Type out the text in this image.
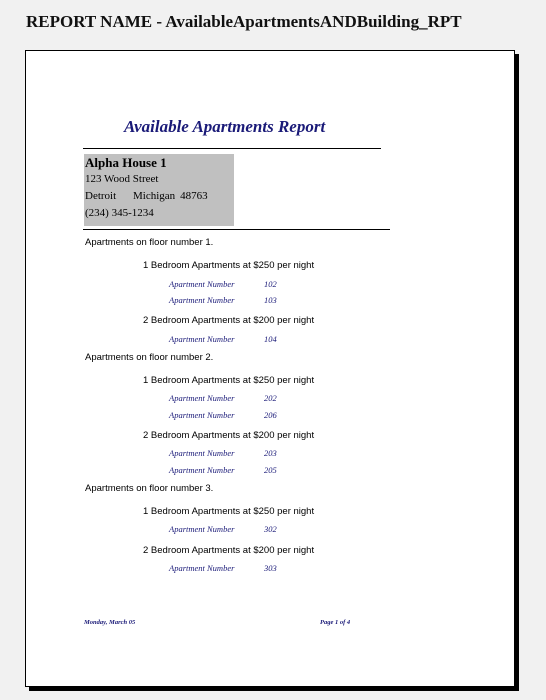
REPORT NAME - AvailableApartmentsANDBuilding_RPT
Available Apartments Report
Alpha House 1
123 Wood Street
Detroit Michigan 48763
(234) 345-1234
Apartments on floor number 1.
1 Bedroom Apartments at $250 per night
Apartment Number	102
Apartment Number	103
2 Bedroom Apartments at $200 per night
Apartment Number	104
Apartments on floor number 2.
1 Bedroom Apartments at $250 per night
Apartment Number	202
Apartment Number	206
2 Bedroom Apartments at $200 per night
Apartment Number	203
Apartment Number	205
Apartments on floor number 3.
1 Bedroom Apartments at $250 per night
Apartment Number	302
2 Bedroom Apartments at $200 per night
Apartment Number	303
Monday, March 05	Page 1 of 4
